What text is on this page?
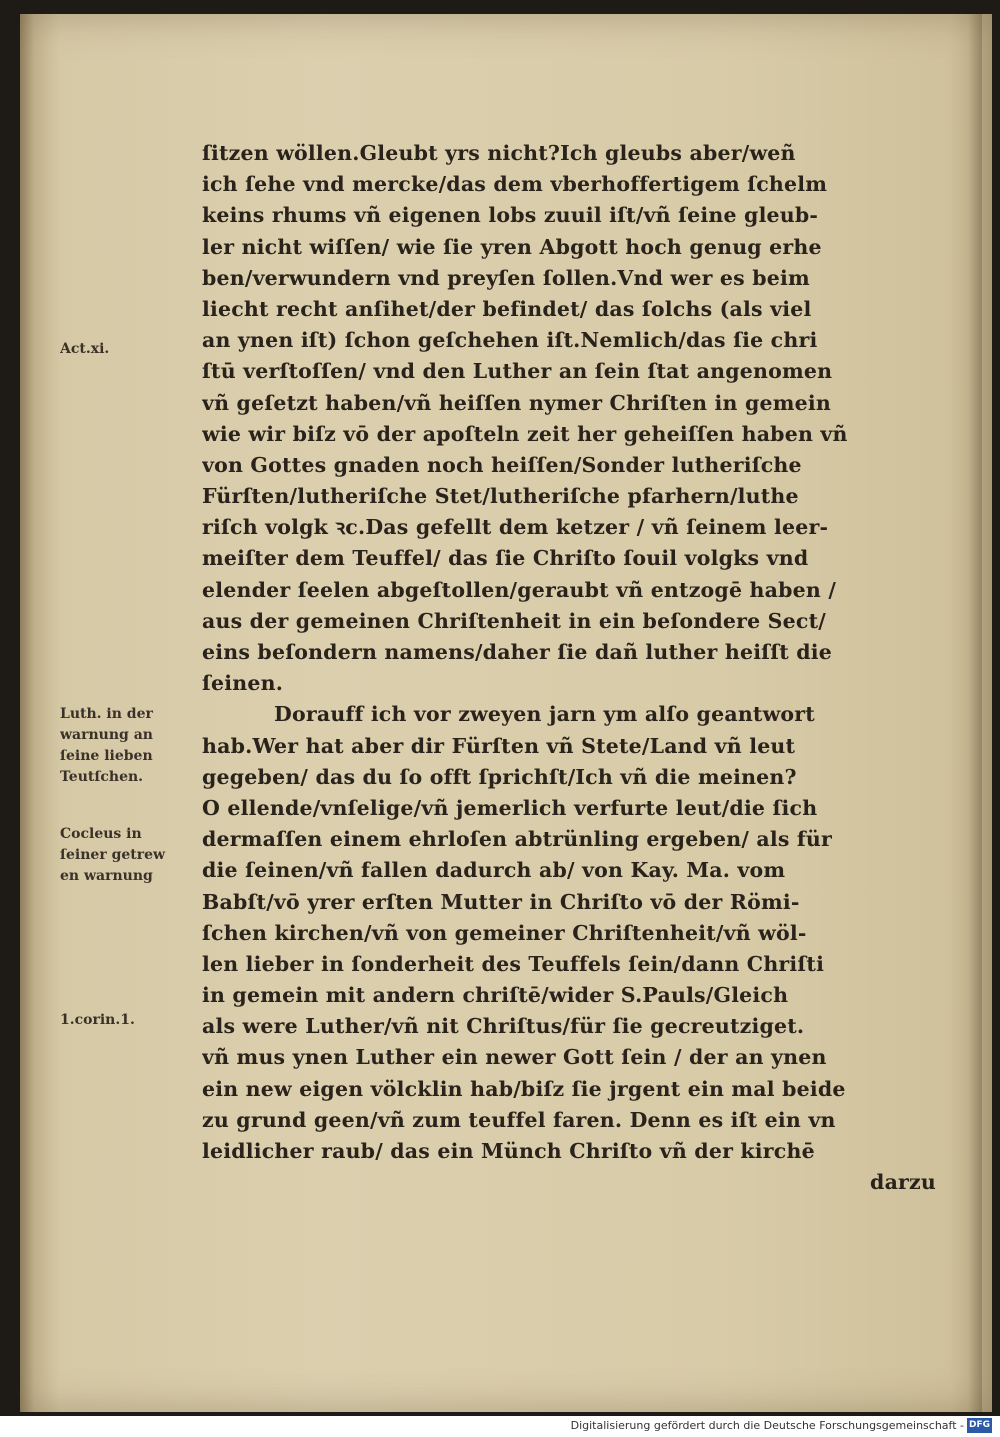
ſitzen wöllen.Gleubt yrs nicht?Ich gleubs aber/weñ
ich ſehe vnd mercke/das dem vberhoffertigem ſchelm
keins rhums vñ eigenen lobs zuuil iſt/vñ ſeine gleub-
ler nicht wiſſen/ wie ſie yren Abgott hoch genug erhe
ben/verwundern vnd preyſen ſollen.Vnd wer es beim
liecht recht anſihet/der befindet/ das ſolchs (als viel
an ynen iſt) ſchon geſchehen iſt.Nemlich/das ſie chri
ſtū verſtoſſen/ vnd den Luther an ſein ſtat angenomen
vñ geſetzt haben/vñ heiſſen nymer Chriſten in gemein
wie wir biſz vō der apoſteln zeit her geheiſſen haben vñ
von Gottes gnaden noch heiſſen/Sonder lutheriſche
Fürſten/lutheriſche Stet/lutheriſche pfarhern/luthe
riſch volgk ꝛc.Das gefellt dem ketzer / vñ ſeinem leer-
meiſter dem Teuffel/ das ſie Chriſto ſouil volgks vnd
elender ſeelen abgeſtollen/geraubt vñ entzogē haben /
aus der gemeinen Chriſtenheit in ein beſondere Sect/
eins beſondern namens/daher ſie dañ luther heiſſt die
ſeinen.
Dorauff ich vor zweyen jarn ym alſo geantwort
hab.Wer hat aber dir Fürſten vñ Stete/Land vñ leut
gegeben/ das du ſo offt ſprichſt/Ich vñ die meinen?
O ellende/vnſelige/vñ jemerlich verfurte leut/die ſich
dermaſſen einem ehrloſen abtrünling ergeben/ als für
die ſeinen/vñ fallen dadurch ab/ von Kay. Ma. vom
Babſt/vō yrer erſten Mutter in Chriſto vō der Römi-
ſchen kirchen/vñ von gemeiner Chriſtenheit/vñ wöl-
len lieber in ſonderheit des Teuffels ſein/dann Chriſti
in gemein mit andern chriſtē/wider S.Pauls/Gleich
als were Luther/vñ nit Chriſtus/für ſie gecreutziget.
vñ mus ynen Luther ein newer Gott ſein / der an ynen
ein new eigen völcklin hab/biſz ſie jrgent ein mal beide
zu grund geen/vñ zum teuffel faren. Denn es iſt ein vn
leidlicher raub/ das ein Münch Chriſto vñ der kirchē
darzu
Act.xi.
Luth. in der
warnung an
ſeine lieben
Teutſchen.
Cocleus in
ſeiner getrew
en warnung
1.corin.1.
Digitalisierung gefördert durch die Deutsche Forschungsgemeinschaft - DFG
